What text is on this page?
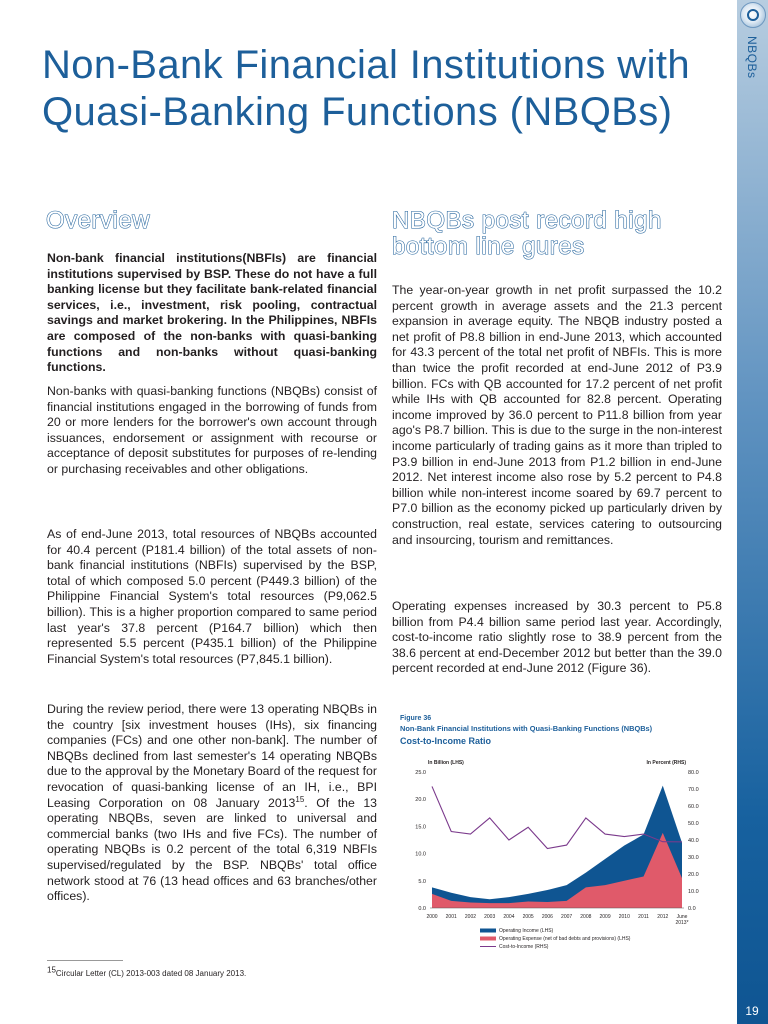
NBQBs
19
Non-Bank Financial Institutions with Quasi-Banking Functions (NBQBs)
Overview	NBQBs post record high bottom line gures

Non-bank financial institutions(NBFIs) are financial institutions supervised by BSP. These do not have a full banking license but they facilitate bank-related financial services, i.e., investment, risk pooling, contractual savings and market brokering. In the Philippines, NBFIs are composed of the non-banks with quasi-banking functions and non-banks without quasi-banking functions.

Non-banks with quasi-banking functions (NBQBs) consist of financial institutions engaged in the borrowing of funds from 20 or more lenders for the borrower's own account through issuances, endorsement or assignment with recourse or acceptance of deposit substitutes for purposes of re-lending or purchasing receivables and other obligations.

As of end-June 2013, total resources of NBQBs accounted for 40.4 percent (P181.4 billion) of the total assets of non-bank financial institutions (NBFIs) supervised by the BSP, total of which composed 5.0 percent (P449.3 billion) of the Philippine Financial System's total resources (P9,062.5 billion). This is a higher proportion compared to same period last year's 37.8 percent (P164.7 billion) which then represented 5.5 percent (P435.1 billion) of the Philippine Financial System's total resources (P7,845.1 billion).

During the review period, there were 13 operating NBQBs in the country [six investment houses (IHs), six financing companies (FCs) and one other non-bank]. The number of NBQBs declined from last semester's 14 operating NBQBs due to the approval by the Monetary Board of the request for revocation of quasi-banking license of an IH, i.e., BPI Leasing Corporation on 08 January 2013$^{15}$. Of the 13 operating NBQBs, seven are linked to universal and commercial banks (two IHs and five FCs). The number of operating NBQBs is 0.2 percent of the total 6,319 NBFIs supervised/regulated by the BSP. NBQBs' total office network stood at 76 (13 head offices and 63 branches/other offices).

The year-on-year growth in net profit surpassed the 10.2 percent growth in average assets and the 21.3 percent expansion in average equity. The NBQB industry posted a net profit of P8.8 billion in end-June 2013, which accounted for 43.3 percent of the total net profit of NBFIs. This is more than twice the profit recorded at end-June 2012 of P3.9 billion. FCs with QB accounted for 17.2 percent of net profit while IHs with QB accounted for 82.8 percent. Operating income improved by 36.0 percent to P11.8 billion from year ago's P8.7 billion. This is due to the surge in the non-interest income particularly of trading gains as it more than tripled to P3.9 billion in end-June 2013 from P1.2 billion in end-June 2012. Net interest income also rose by 5.2 percent to P4.8 billion while non-interest income soared by 69.7 percent to P7.0 billion as the economy picked up particularly driven by construction, real estate, services catering to outsourcing and insourcing, tourism and remittances.

Operating expenses increased by 30.3 percent to P5.8 billion from P4.4 billion same period last year. Accordingly, cost-to-income ratio slightly rose to 38.9 percent from the 38.6 percent at end-December 2012 but better than the 39.0 percent recorded at end-June 2012 (Figure 36).

$^{15}$Circular Letter (CL) 2013-003 dated 08 January 2013.

Figure 36
Non-Bank Financial Institutions with Quasi-Banking Functions (NBQBs)
Cost-to-Income Ratio
In Billion (LHS)	In Percent (RHS)
0.0
5.0
10.0
15.0
20.0
25.0
0.0
10.0
20.0
30.0
40.0
50.0
60.0
70.0
80.0
2000 2001 2002 2003 2004 2005 2006 2007 2008 2009 2010 2011 2012 June
2013*
Operating Income (LHS)
Operating Expense (net of bad debts and provisions) (LHS)
Cost-to-Income (RHS)
